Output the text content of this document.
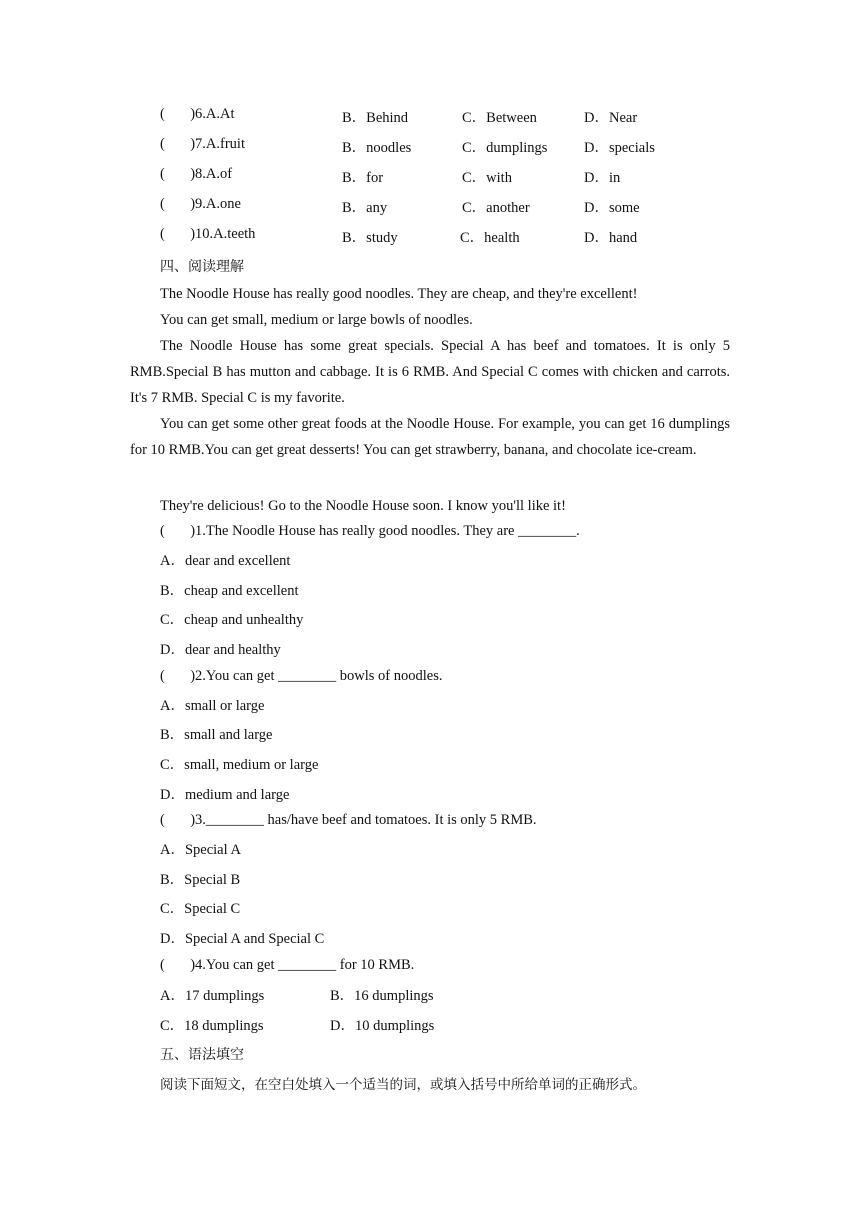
(       )6.A.At	B．Behind	C．Between	D．Near
(       )7.A.fruit	B．noodles	C．dumplings	D．specials
(       )8.A.of	B．for	C．with	D．in
(       )9.A.one	B．any	C．another	D．some
(       )10.A.teeth	B．study	C．health	D．hand
四、阅读理解
The Noodle House has really good noodles. They are cheap, and they're excellent!
You can get small, medium or large bowls of noodles.
The Noodle House has some great specials. Special A has beef and tomatoes. It is only 5 RMB.Special B has mutton and cabbage. It is 6 RMB. And Special C comes with chicken and carrots. It's 7 RMB. Special C is my favorite.
You can get some other great foods at the Noodle House. For example, you can get 16 dumplings for 10 RMB.You can get great desserts! You can get strawberry, banana, and chocolate ice-cream.
They're delicious! Go to the Noodle House soon. I know you'll like it!
(       )1.The Noodle House has really good noodles. They are ________.
A．dear and excellent
B．cheap and excellent
C．cheap and unhealthy
D．dear and healthy
(       )2.You can get ________ bowls of noodles.
A．small or large
B．small and large
C．small, medium or large
D．medium and large
(       )3.________ has/have beef and tomatoes. It is only 5 RMB.
A．Special A
B．Special B
C．Special C
D．Special A and Special C
(       )4.You can get ________ for 10 RMB.
A．17 dumplings	B．16 dumplings
C．18 dumplings	D．10 dumplings
五、语法填空
阅读下面短文，在空白处填入一个适当的词，或填入括号中所给单词的正确形式。
